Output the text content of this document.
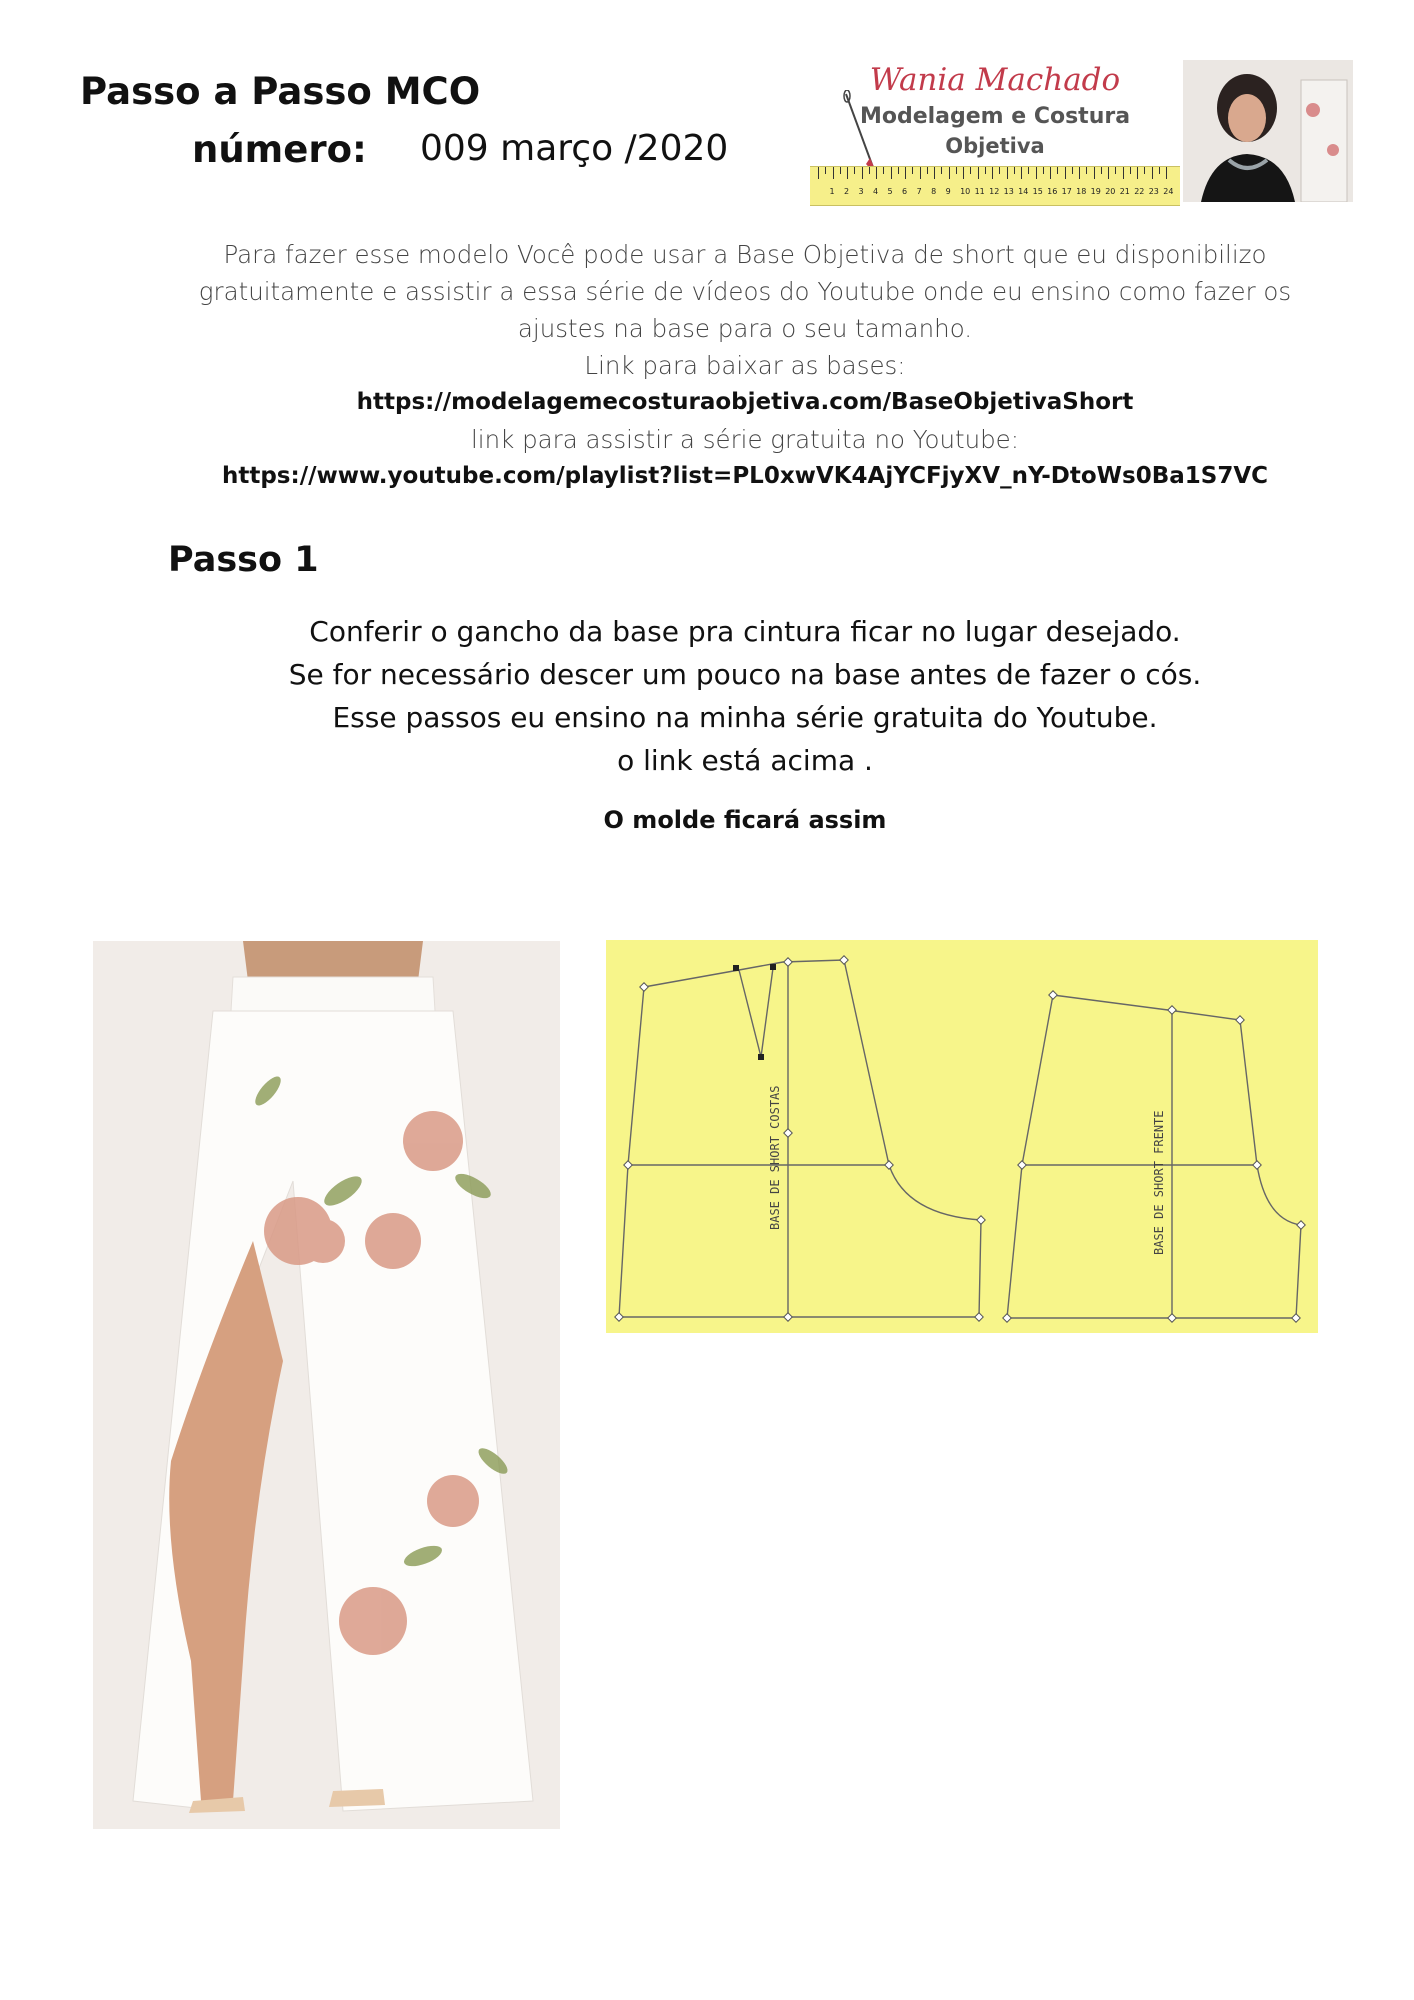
Passo a Passo MCO
número: 009 março /2020
Wania Machado
Modelagem e Costura
Objetiva
1 2 3 4 5 6 7 8 9 10 11 12 13 14 15 16 17 18 19 20 21 22 23 24

Para fazer esse modelo Você pode usar a Base Objetiva de short que eu disponibilizo

gratuitamente e assistir a essa série de vídeos do Youtube onde eu ensino como fazer os

ajustes na base para o seu tamanho.

Link para baixar as bases:

https://modelagemecosturaobjetiva.com/BaseObjetivaShort

link para assistir a série gratuita no Youtube:

https://www.youtube.com/playlist?list=PL0xwVK4AjYCFjyXV_nY-DtoWs0Ba1S7VC

Passo 1

Conferir o gancho da base pra cintura ficar no lugar desejado.

Se for necessário descer um pouco na base antes de fazer o cós.

Esse passos eu ensino na minha série gratuita do Youtube.

o link está acima .

O molde ficará assim
BASE DE SHORT COSTAS	BASE DE SHORT FRENTE
